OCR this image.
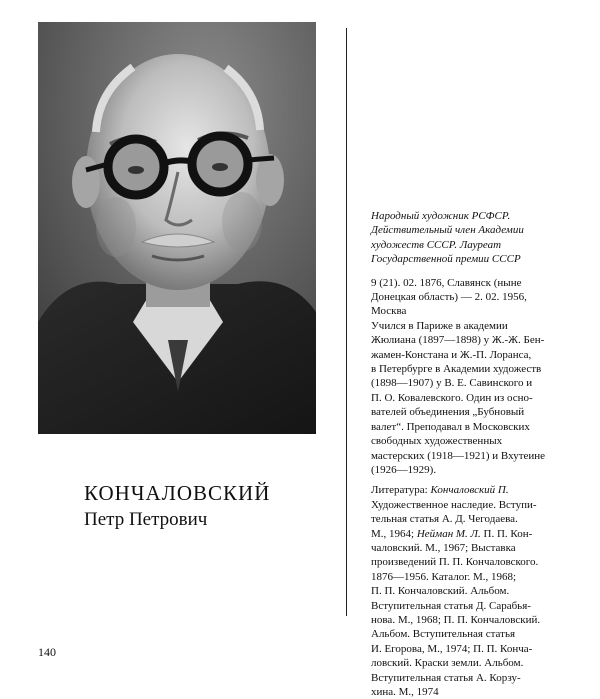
КОНЧАЛОВСКИЙ
Петр Петрович
Народный художник РСФСР.
Действительный член Академии
художеств СССР. Лауреат
Государственной премии СССР
9 (21). 02. 1876, Славянск (ныне
Донецкая область) — 2. 02. 1956,
Москва
Учился в Париже в академии
Жюлиана (1897—1898) у Ж.-Ж. Бен-
жамен-Констана и Ж.-П. Лоранса,
в Петербурге в Академии художеств
(1898—1907) у В. Е. Савинского и
П. О. Ковалевского. Один из осно-
вателей объединения „Бубновый
валет“. Преподавал в Московских
свободных художественных
мастерских (1918—1921) и Вхутеине
(1926—1929).
Литература: Кончаловский П.
Художественное наследие. Вступи-
тельная статья А. Д. Чегодаева.
М., 1964; Нейман М. Л. П. П. Кон-
чаловский. М., 1967; Выставка
произведений П. П. Кончаловского.
1876—1956. Каталог. М., 1968;
П. П. Кончаловский. Альбом.
Вступительная статья Д. Сарабья-
нова. М., 1968; П. П. Кончаловский.
Альбом. Вступительная статья
И. Егорова, М., 1974; П. П. Конча-
ловский. Краски земли. Альбом.
Вступительная статья А. Корзу-
хина. М., 1974
140
